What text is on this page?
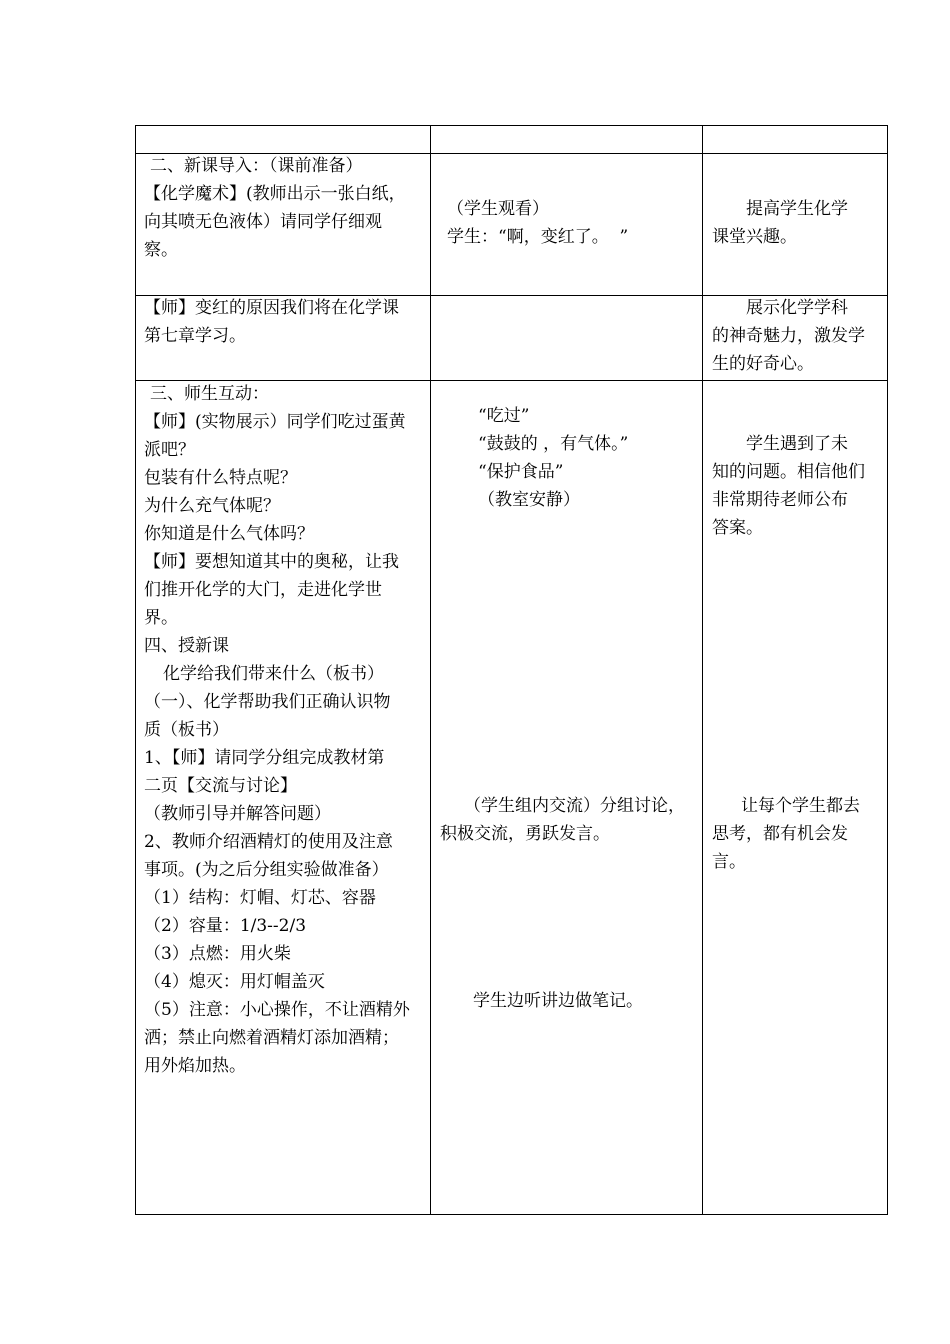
二、新课导入：（课前准备）

【化学魔术】(教师出示一张白纸，

向其喷无色液体）请同学仔细观

察。

（学生观看）

学生：“啊，变红了。  ”

提高学生化学

课堂兴趣。

【师】变红的原因我们将在化学课

第七章学习。

展示化学学科

的神奇魅力，激发学

生的好奇心。

三、师生互动：

【师】(实物展示）同学们吃过蛋黄

派吧？

包装有什么特点呢？

为什么充气体呢？

你知道是什么气体吗？

【师】要想知道其中的奥秘，让我

们推开化学的大门，走进化学世

界。

四、授新课

化学给我们带来什么（板书）

（一）、化学帮助我们正确认识物

质（板书）

1、【师】请同学分组完成教材第

二页【交流与讨论】

（教师引导并解答问题）

2、教师介绍酒精灯的使用及注意

事项。(为之后分组实验做准备）

（1）结构：灯帽、灯芯、容器

（2）容量：1/3--2/3

（3）点燃：用火柴

（4）熄灭：用灯帽盖灭

（5）注意：小心操作，不让酒精外

洒；禁止向燃着酒精灯添加酒精；

用外焰加热。

“吃过”

“鼓鼓的 ，有气体。”

“保护食品”

（教室安静）

（学生组内交流）分组讨论，

积极交流，勇跃发言。

学生边听讲边做笔记。

学生遇到了未

知的问题。相信他们

非常期待老师公布

答案。

让每个学生都去

思考，都有机会发

言。
